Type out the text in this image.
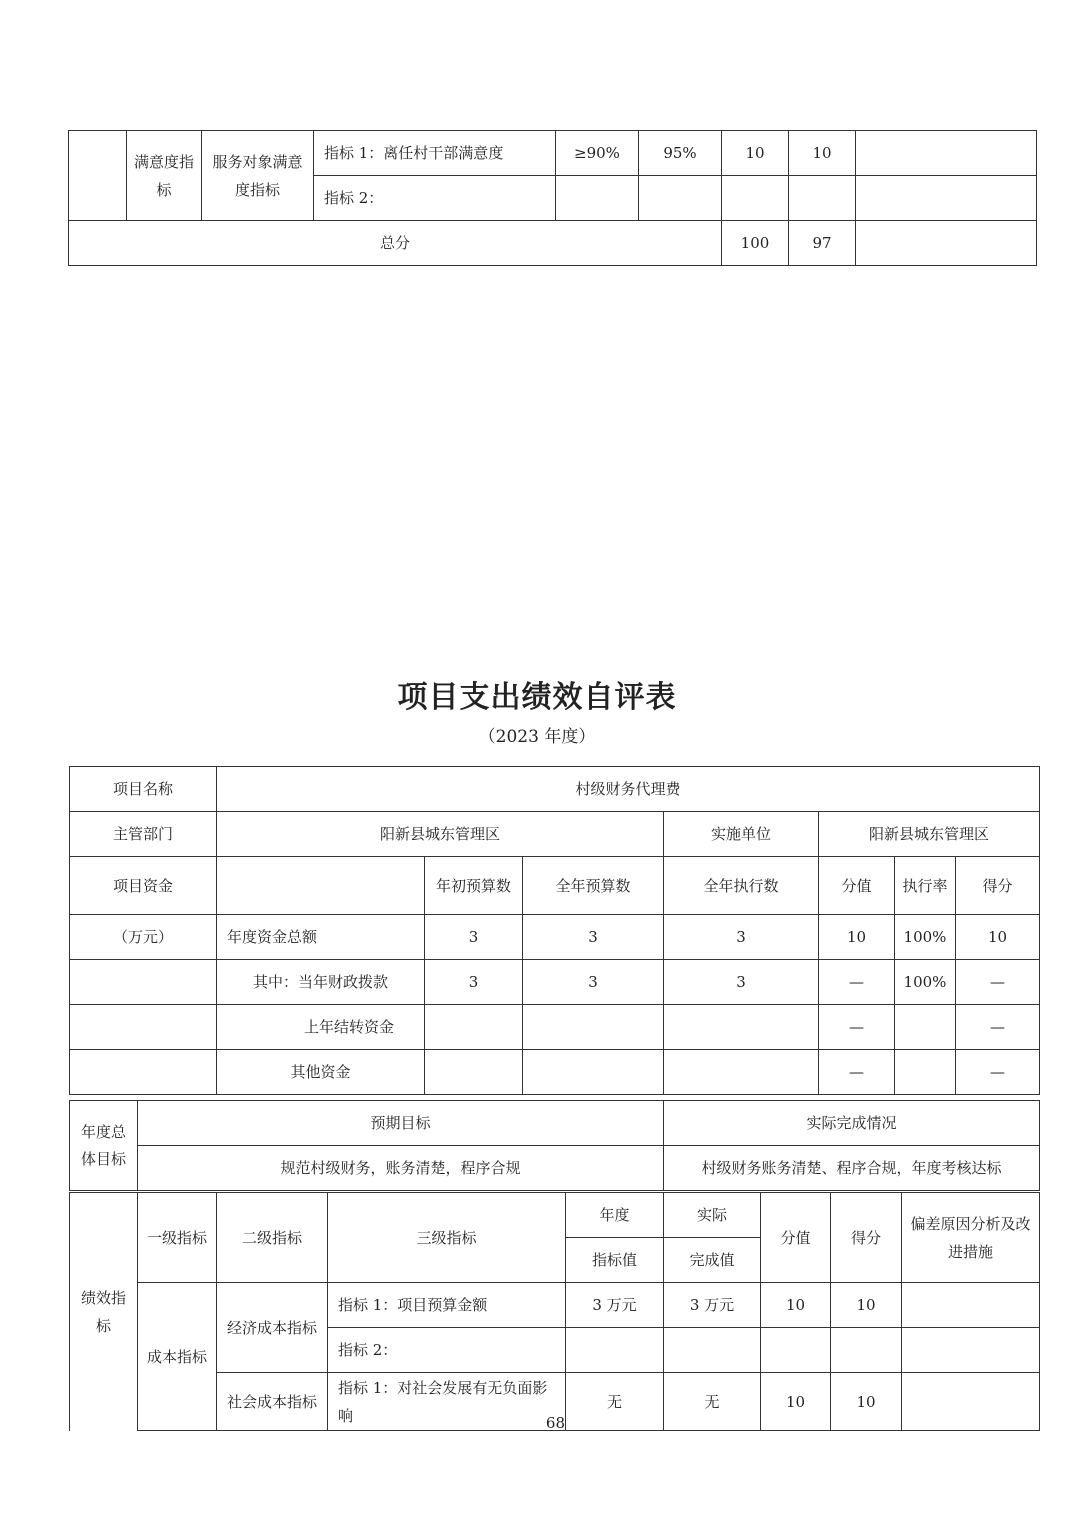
	满意度指标	服务对象满意度指标	指标 1：离任村干部满意度	≥90%	95%	10	10	
			指标 2：					
总分						100	97	
项目支出绩效自评表
（2023 年度）
项目名称	村级财务代理费						
主管部门	阳新县城东管理区			实施单位	阳新县城东管理区		
项目资金		年初预算数	全年预算数	全年执行数	分值	执行率	得分
（万元）	年度资金总额	3	3	3	10	100%	10
	其中：当年财政拨款	3	3	3	—	100%	—
	上年结转资金				—		—
	其他资金				—		—
年度总体目标	预期目标	实际完成情况
	规范村级财务，账务清楚，程序合规	村级财务账务清楚、程序合规，年度考核达标
绩效指标	一级指标	二级指标	三级指标	年度	实际	分值	得分	偏差原因分析及改进措施
				指标值	完成值			
	成本指标	经济成本指标	指标 1：项目预算金额	3 万元	3 万元	10	10	
			指标 2：					
		社会成本指标	指标 1：对社会发展有无负面影响 68	无	无	10	10	
